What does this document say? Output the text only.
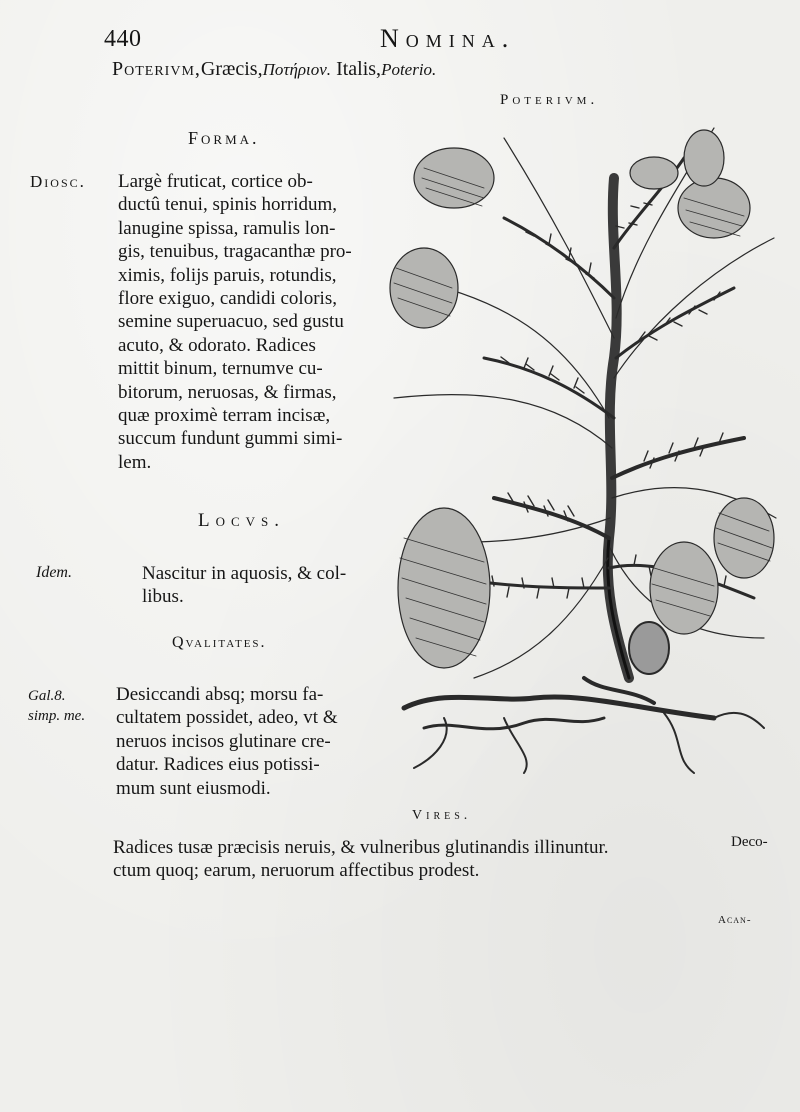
440	Nomina.
Poterivm,Græcis,Ποτήριον. Italis,Poterio.
Poterivm.
Forma.
Diosc. Largè fruticat, cortice ob-
ductû tenui, spinis horridum,
lanugine spissa, ramulis lon-
gis, tenuibus, tragacanthæ pro-
ximis, folijs paruis, rotundis,
flore exiguo, candidi coloris,
semine superuacuo, sed gustu
acuto, & odorato. Radices
mittit binum, ternumve cu-
bitorum, neruosas, & firmas,
quæ proximè terram incisæ,
succum fundunt gummi simi-
lem.
Locvs.
Idem.	Nascitur in aquosis, & col-
libus.
Qvalitates.
Gal.8.
simp. me.
Desiccandi absq; morsu fa-
cultatem possidet, adeo, vt &
neruos incisos glutinare cre-
datur. Radices eius potissi-
mum sunt eiusmodi.
Vires.
Radices tusæ præcisis neruis, & vulneribus glutinandis illinuntur.
ctum quoq; earum, neruorum affectibus prodest.
Deco-
Acan-
